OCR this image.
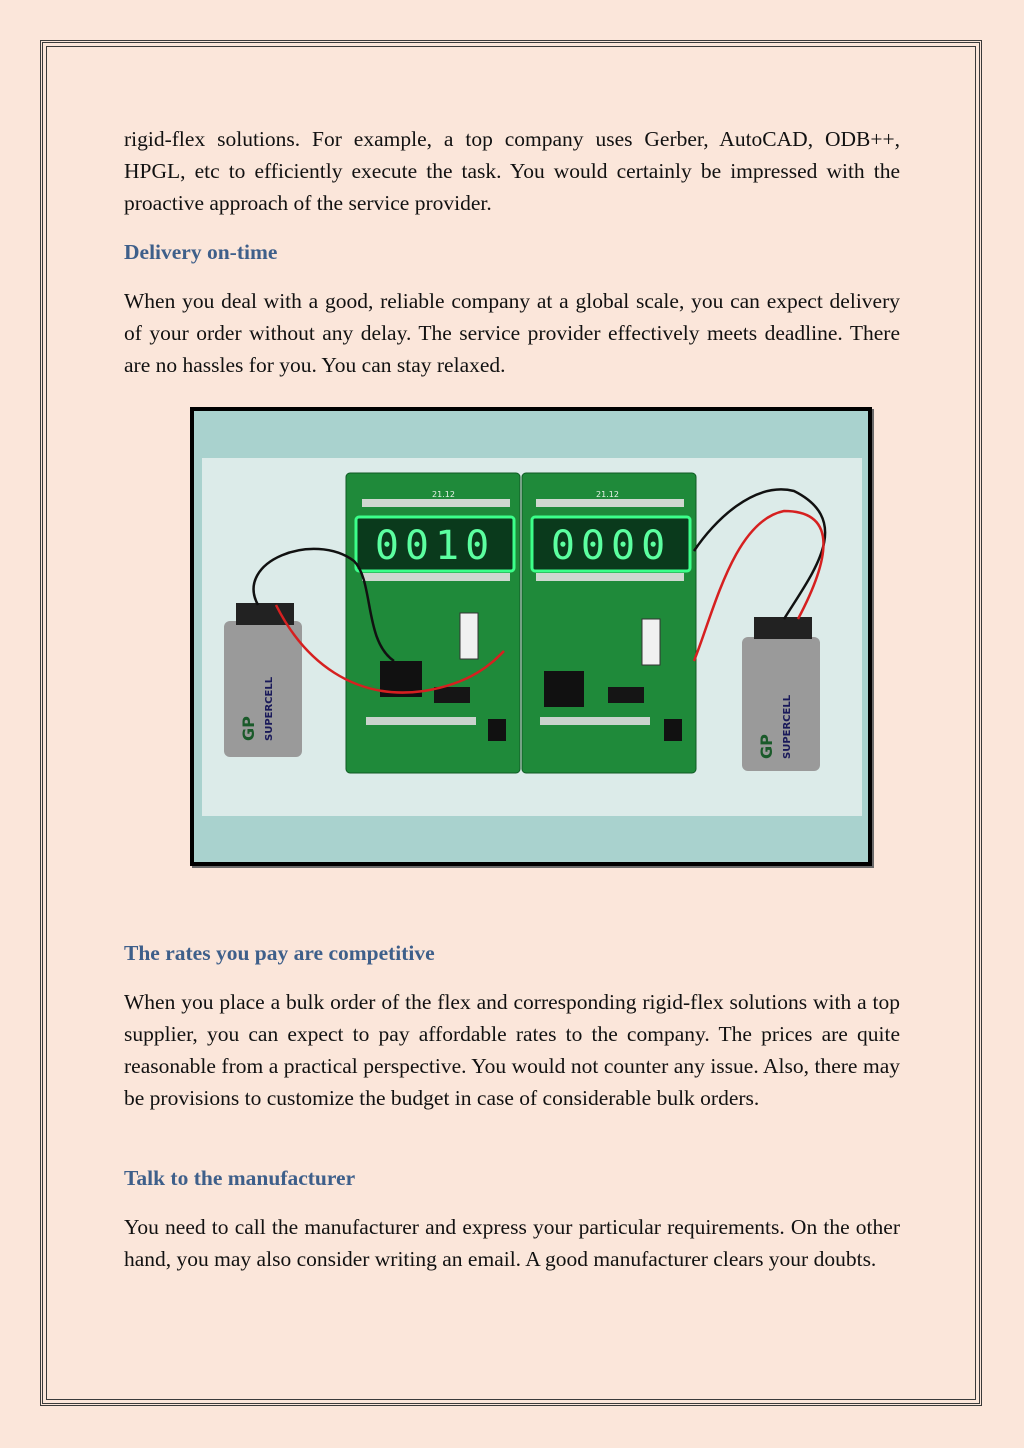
rigid-flex solutions. For example, a top company uses Gerber, AutoCAD, ODB++, HPGL, etc to efficiently execute the task. You would certainly be impressed with the proactive approach of the service provider.

Delivery on-time

When you deal with a good, reliable company at a global scale, you can expect delivery of your order without any delay. The service provider effectively meets deadline. There are no hassles for you. You can stay relaxed.

21.12	21.12
0010 0000
GP SUPERCELL
GP SUPERCELL
The rates you pay are competitive

When you place a bulk order of the flex and corresponding rigid-flex solutions with a top supplier, you can expect to pay affordable rates to the company. The prices are quite reasonable from a practical perspective. You would not counter any issue. Also, there may be provisions to customize the budget in case of considerable bulk orders.

Talk to the manufacturer

You need to call the manufacturer and express your particular requirements. On the other hand, you may also consider writing an email. A good manufacturer clears your doubts.
